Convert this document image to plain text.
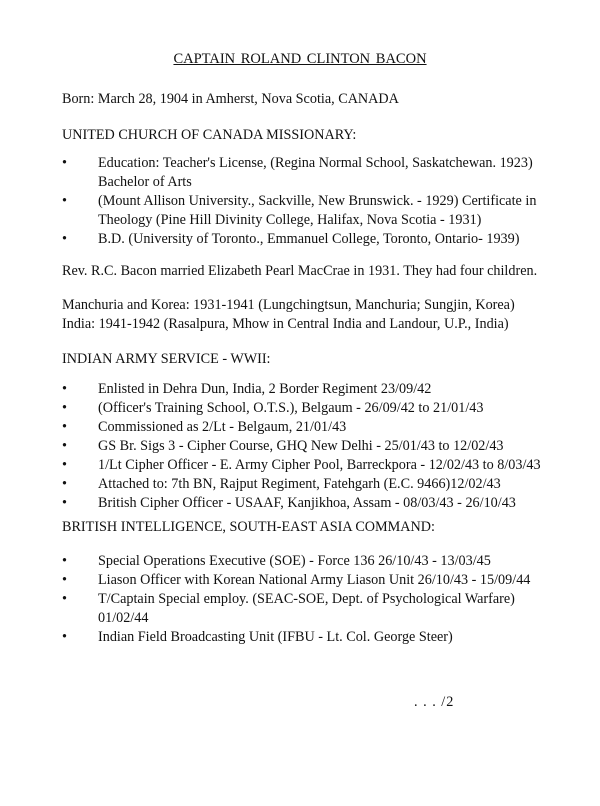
CAPTAIN ROLAND CLINTON BACON
Born: March 28, 1904 in Amherst, Nova Scotia, CANADA
UNITED CHURCH OF CANADA MISSIONARY:
•	Education: Teacher's License, (Regina Normal School, Saskatchewan. 1923)
Bachelor of Arts
•	(Mount Allison University., Sackville, New Brunswick. - 1929) Certificate in
Theology (Pine Hill Divinity College, Halifax, Nova Scotia - 1931)
•	B.D. (University of Toronto., Emmanuel College, Toronto, Ontario- 1939)
Rev. R.C. Bacon married Elizabeth Pearl MacCrae in 1931. They had four children.
Manchuria and Korea: 1931-1941 (Lungchingtsun, Manchuria; Sungjin, Korea)
India: 1941-1942 (Rasalpura, Mhow in Central India and Landour, U.P., India)
INDIAN ARMY SERVICE - WWII:
•	Enlisted in Dehra Dun, India, 2 Border Regiment 23/09/42
•	(Officer's Training School, O.T.S.), Belgaum - 26/09/42 to 21/01/43
•	Commissioned as 2/Lt - Belgaum, 21/01/43
•	GS Br. Sigs 3 - Cipher Course, GHQ New Delhi - 25/01/43 to 12/02/43
•	1/Lt Cipher Officer - E. Army Cipher Pool, Barreckpora - 12/02/43 to 8/03/43
•	Attached to: 7th BN, Rajput Regiment, Fatehgarh (E.C. 9466)12/02/43
•	British Cipher Officer - USAAF, Kanjikhoa, Assam - 08/03/43 - 26/10/43
BRITISH INTELLIGENCE, SOUTH-EAST ASIA COMMAND:
•	Special Operations Executive (SOE) - Force 136 26/10/43 - 13/03/45
•	Liason Officer with Korean National Army Liason Unit 26/10/43 - 15/09/44
•	T/Captain Special employ. (SEAC-SOE, Dept. of Psychological Warfare)
01/02/44
•	Indian Field Broadcasting Unit (IFBU - Lt. Col. George Steer)
. . . /2
